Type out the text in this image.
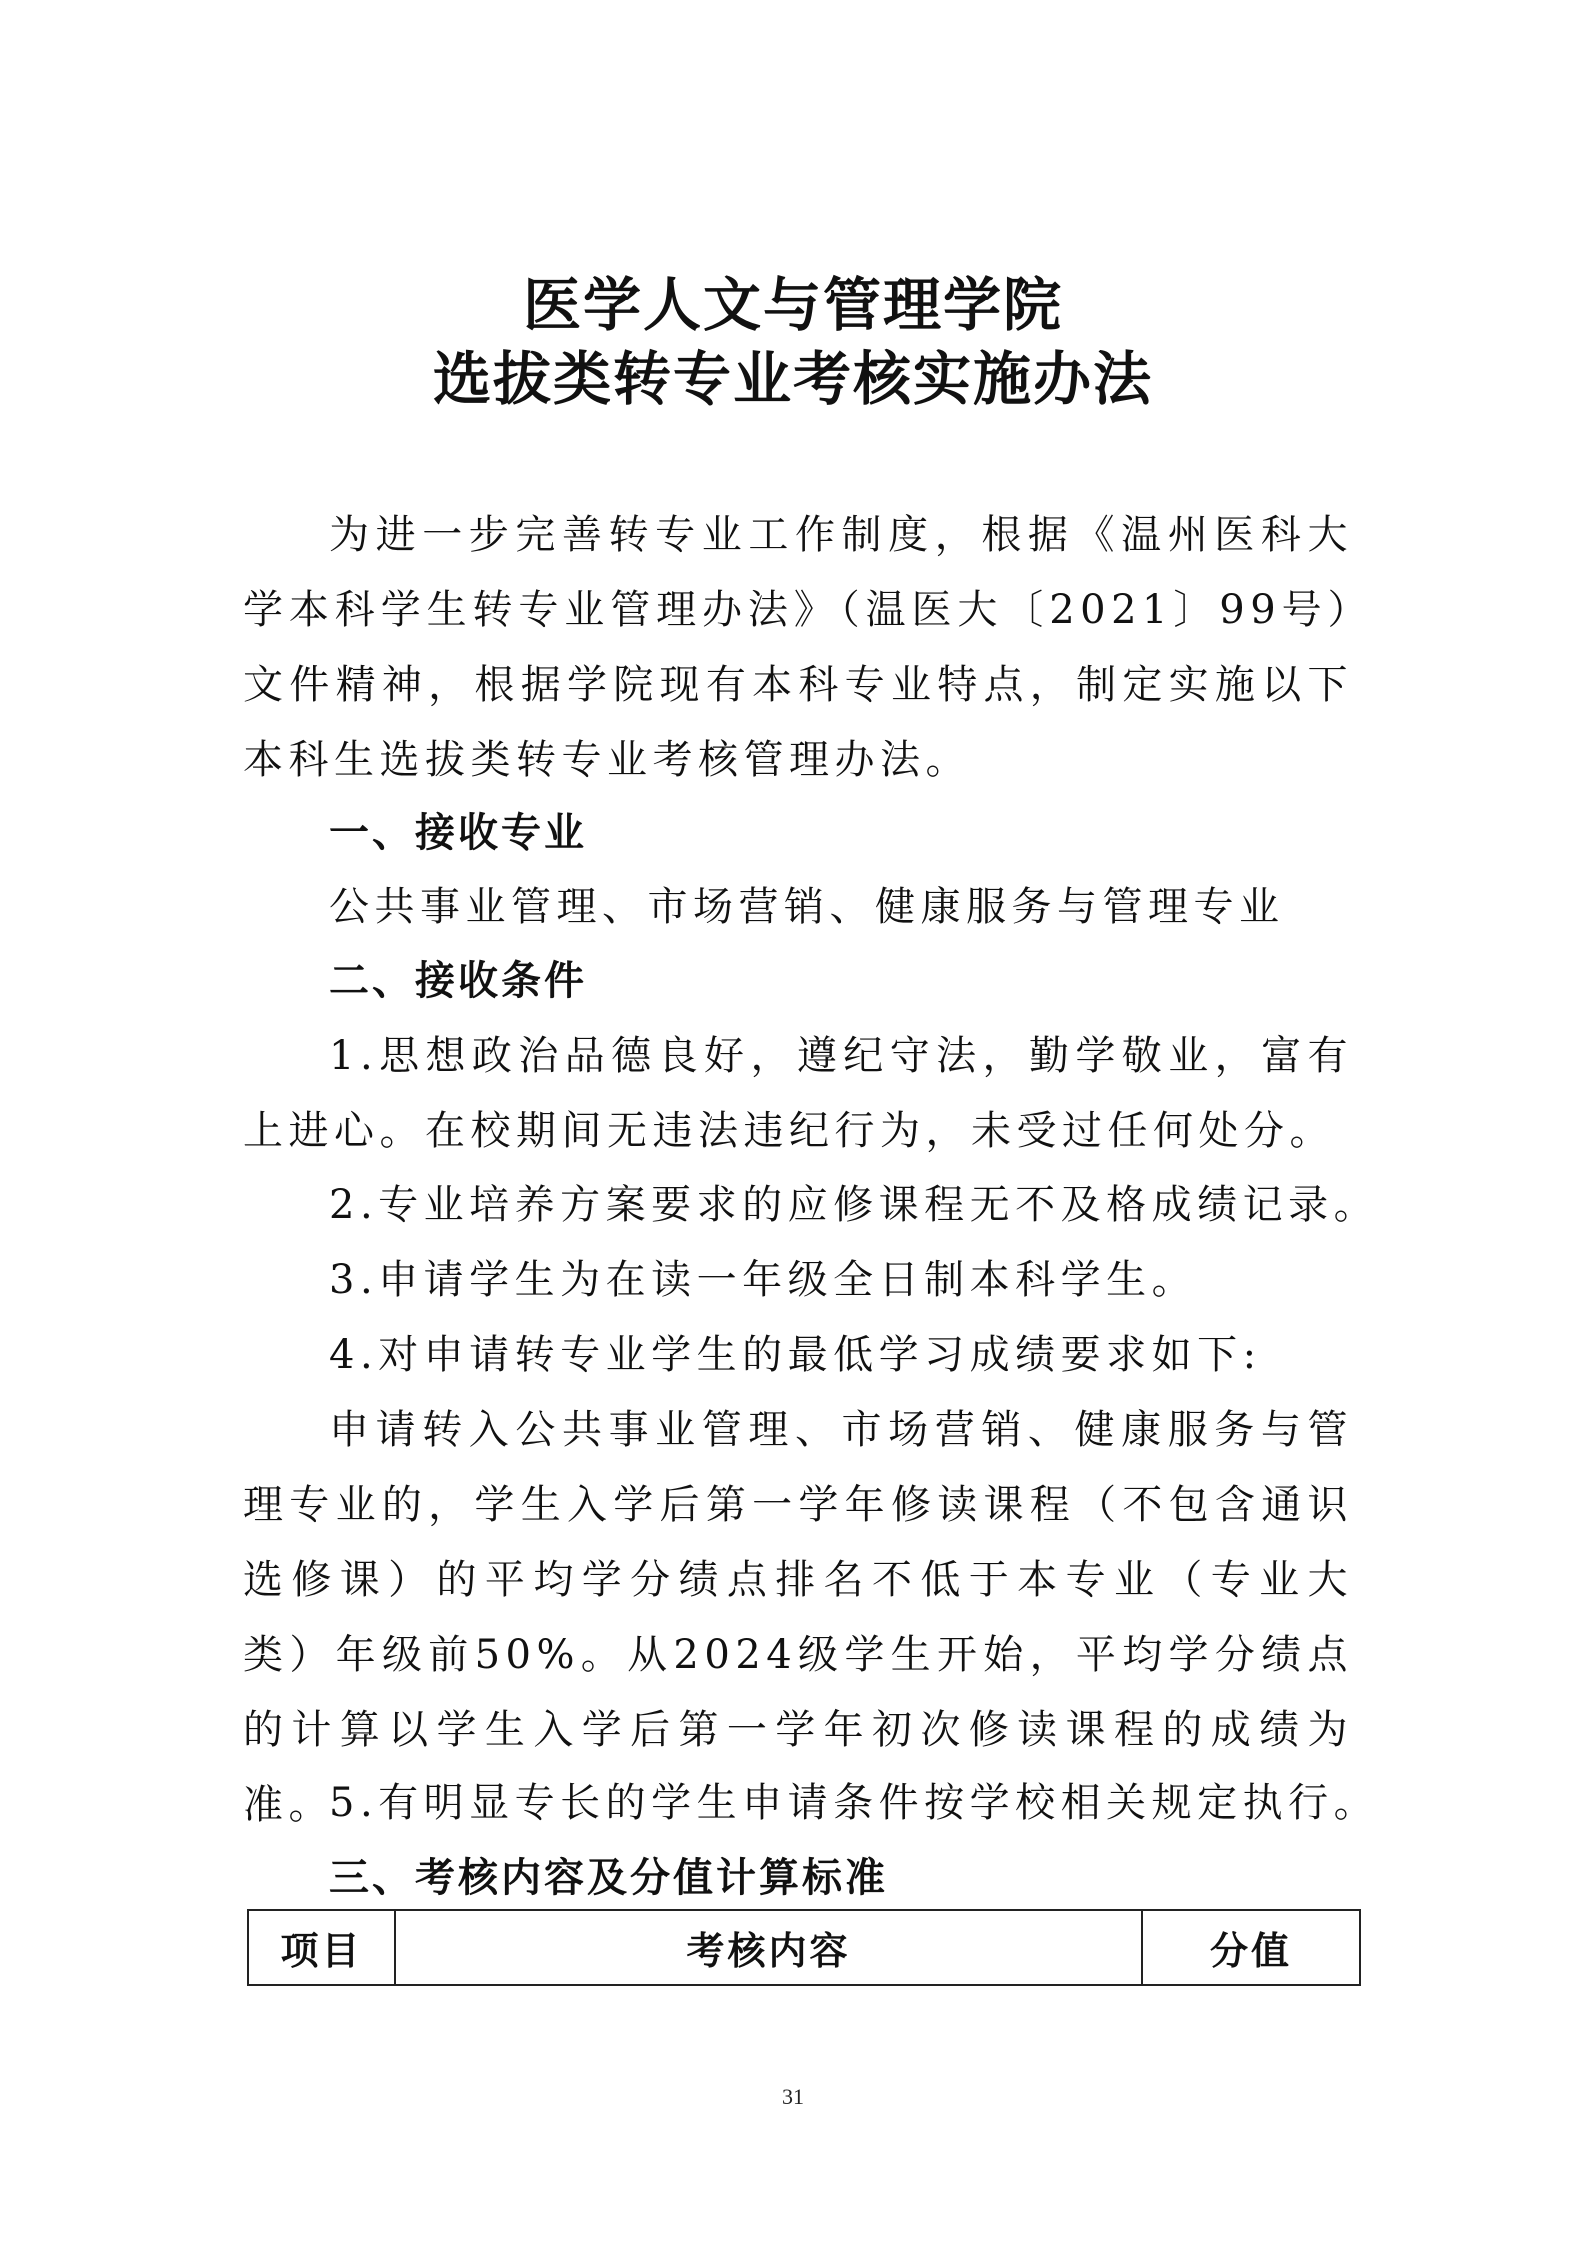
医学人文与管理学院
选拔类转专业考核实施办法

为进一步完善转专业工作制度，根据《温州医科大学本科学生转专业管理办法》（温医大〔2021〕99号）文件精神，根据学院现有本科专业特点，制定实施以下本科生选拔类转专业考核管理办法。

一、接收专业

公共事业管理、市场营销、健康服务与管理专业

二、接收条件

1.思想政治品德良好，遵纪守法，勤学敬业，富有上进心。在校期间无违法违纪行为，未受过任何处分。

2.专业培养方案要求的应修课程无不及格成绩记录。

3.申请学生为在读一年级全日制本科学生。

4.对申请转专业学生的最低学习成绩要求如下:

申请转入公共事业管理、市场营销、健康服务与管理专业的，学生入学后第一学年修读课程（不包含通识选修课）的平均学分绩点排名不低于本专业（专业大类）年级前50%。从2024级学生开始，平均学分绩点的计算以学生入学后第一学年初次修读课程的成绩为准。

5.有明显专长的学生申请条件按学校相关规定执行。

三、考核内容及分值计算标准
项目	考核内容	分值
31
